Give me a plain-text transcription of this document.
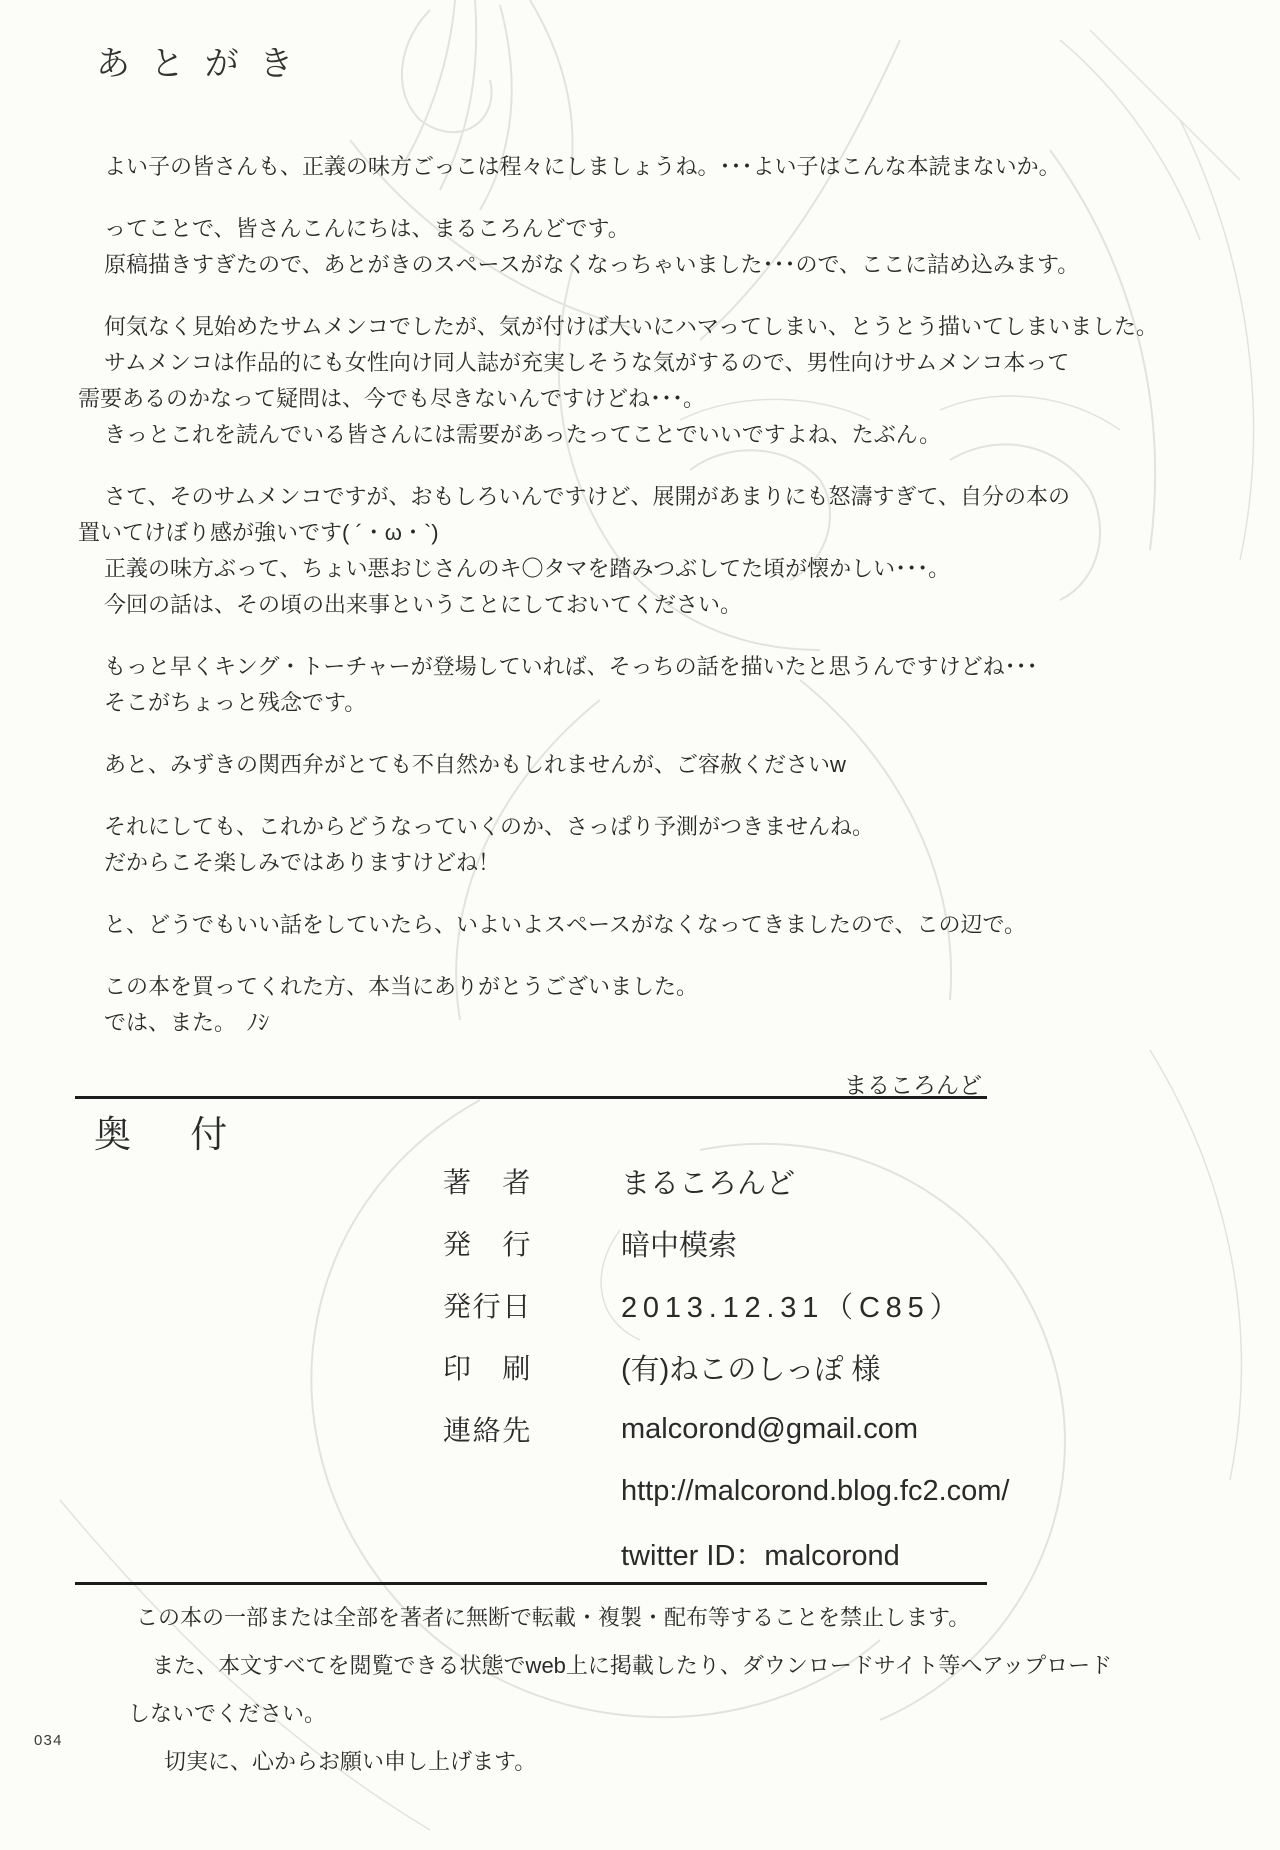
あとがき
よい子の皆さんも、正義の味方ごっこは程々にしましょうね。･･･よい子はこんな本読まないか。
ってことで、皆さんこんにちは、まるころんどです。
原稿描きすぎたので、あとがきのスペースがなくなっちゃいました･･･ので、ここに詰め込みます。
何気なく見始めたサムメンコでしたが、気が付けば大いにハマってしまい、とうとう描いてしまいました。
サムメンコは作品的にも女性向け同人誌が充実しそうな気がするので、男性向けサムメンコ本って
需要あるのかなって疑問は、今でも尽きないんですけどね･･･。
きっとこれを読んでいる皆さんには需要があったってことでいいですよね、たぶん。
さて、そのサムメンコですが、おもしろいんですけど、展開があまりにも怒濤すぎて、自分の本の
置いてけぼり感が強いです( ´・ω・`)
正義の味方ぶって、ちょい悪おじさんのキ〇タマを踏みつぶしてた頃が懐かしい･･･。
今回の話は、その頃の出来事ということにしておいてください。
もっと早くキング・トーチャーが登場していれば、そっちの話を描いたと思うんですけどね･･･
そこがちょっと残念です。
あと、みずきの関西弁がとても不自然かもしれませんが、ご容赦くださいw
それにしても、これからどうなっていくのか、さっぱり予測がつきませんね。
だからこそ楽しみではありますけどね！
と、どうでもいい話をしていたら、いよいよスペースがなくなってきましたので、この辺で。
この本を買ってくれた方、本当にありがとうございました。
では、また。　ﾉｼ
まるころんど
奥　付
著　者	まるころんど
発　行	暗中模索
発行日	2013.12.31（C85）
印　刷	(有)ねこのしっぽ 様
連絡先	malcorond@gmail.com
http://malcorond.blog.fc2.com/
twitter ID：malcorond
この本の一部または全部を著者に無断で転載・複製・配布等することを禁止します。
また、本文すべてを閲覧できる状態でweb上に掲載したり、ダウンロードサイト等へアップロード
しないでください。
切実に、心からお願い申し上げます。
034
